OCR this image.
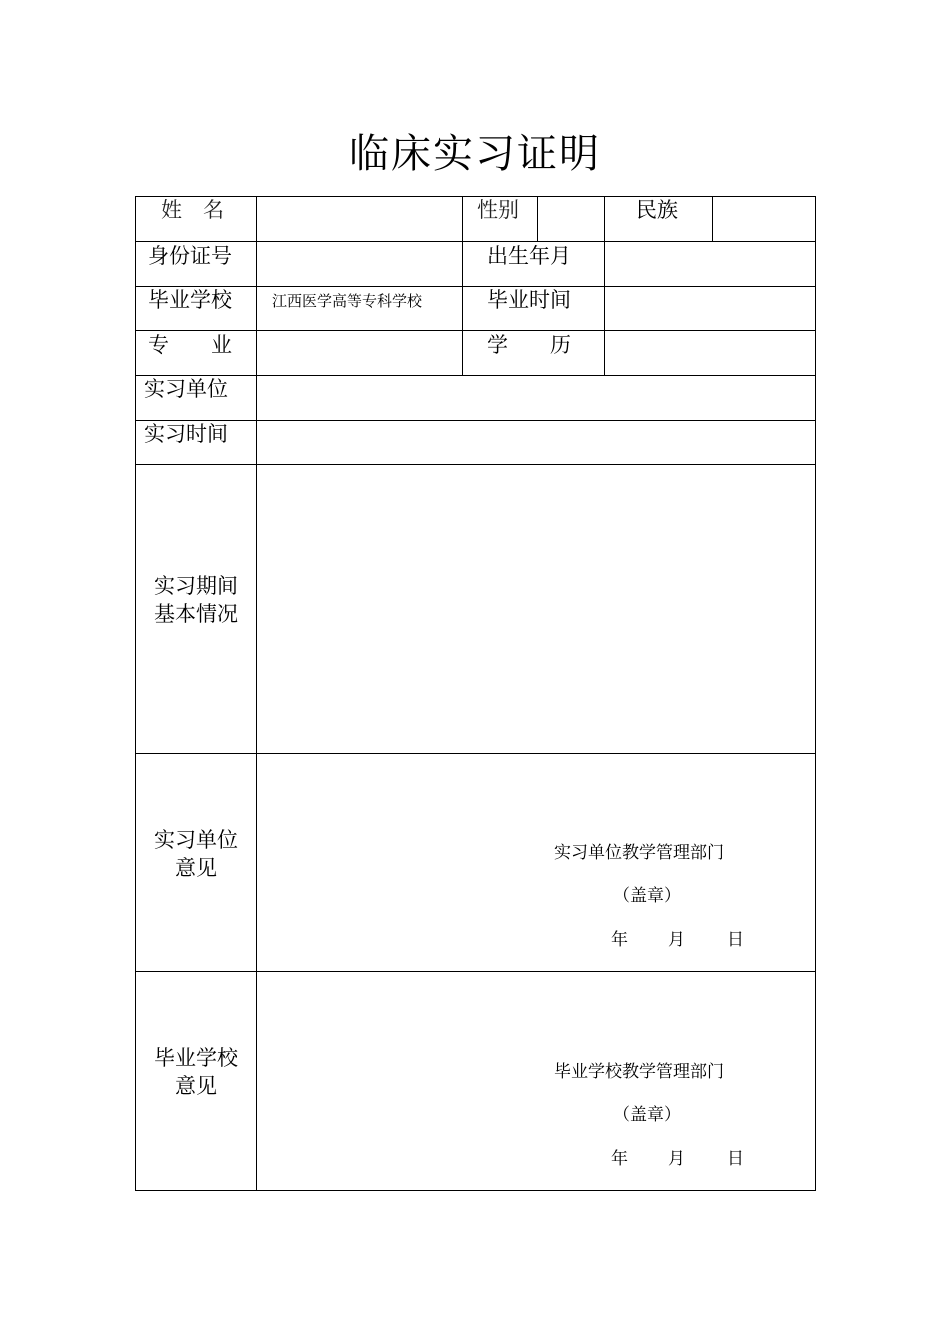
临床实习证明
姓　名	性别	民族
身份证号	出生年月
毕业学校	江西医学高等专科学校	毕业时间
专　　业	学　　历
实习单位
实习时间
实习期间
基本情况
实习单位
意见
实习单位教学管理部门
（盖章）
年 月 日
毕业学校
意见
毕业学校教学管理部门
（盖章）
年 月 日
